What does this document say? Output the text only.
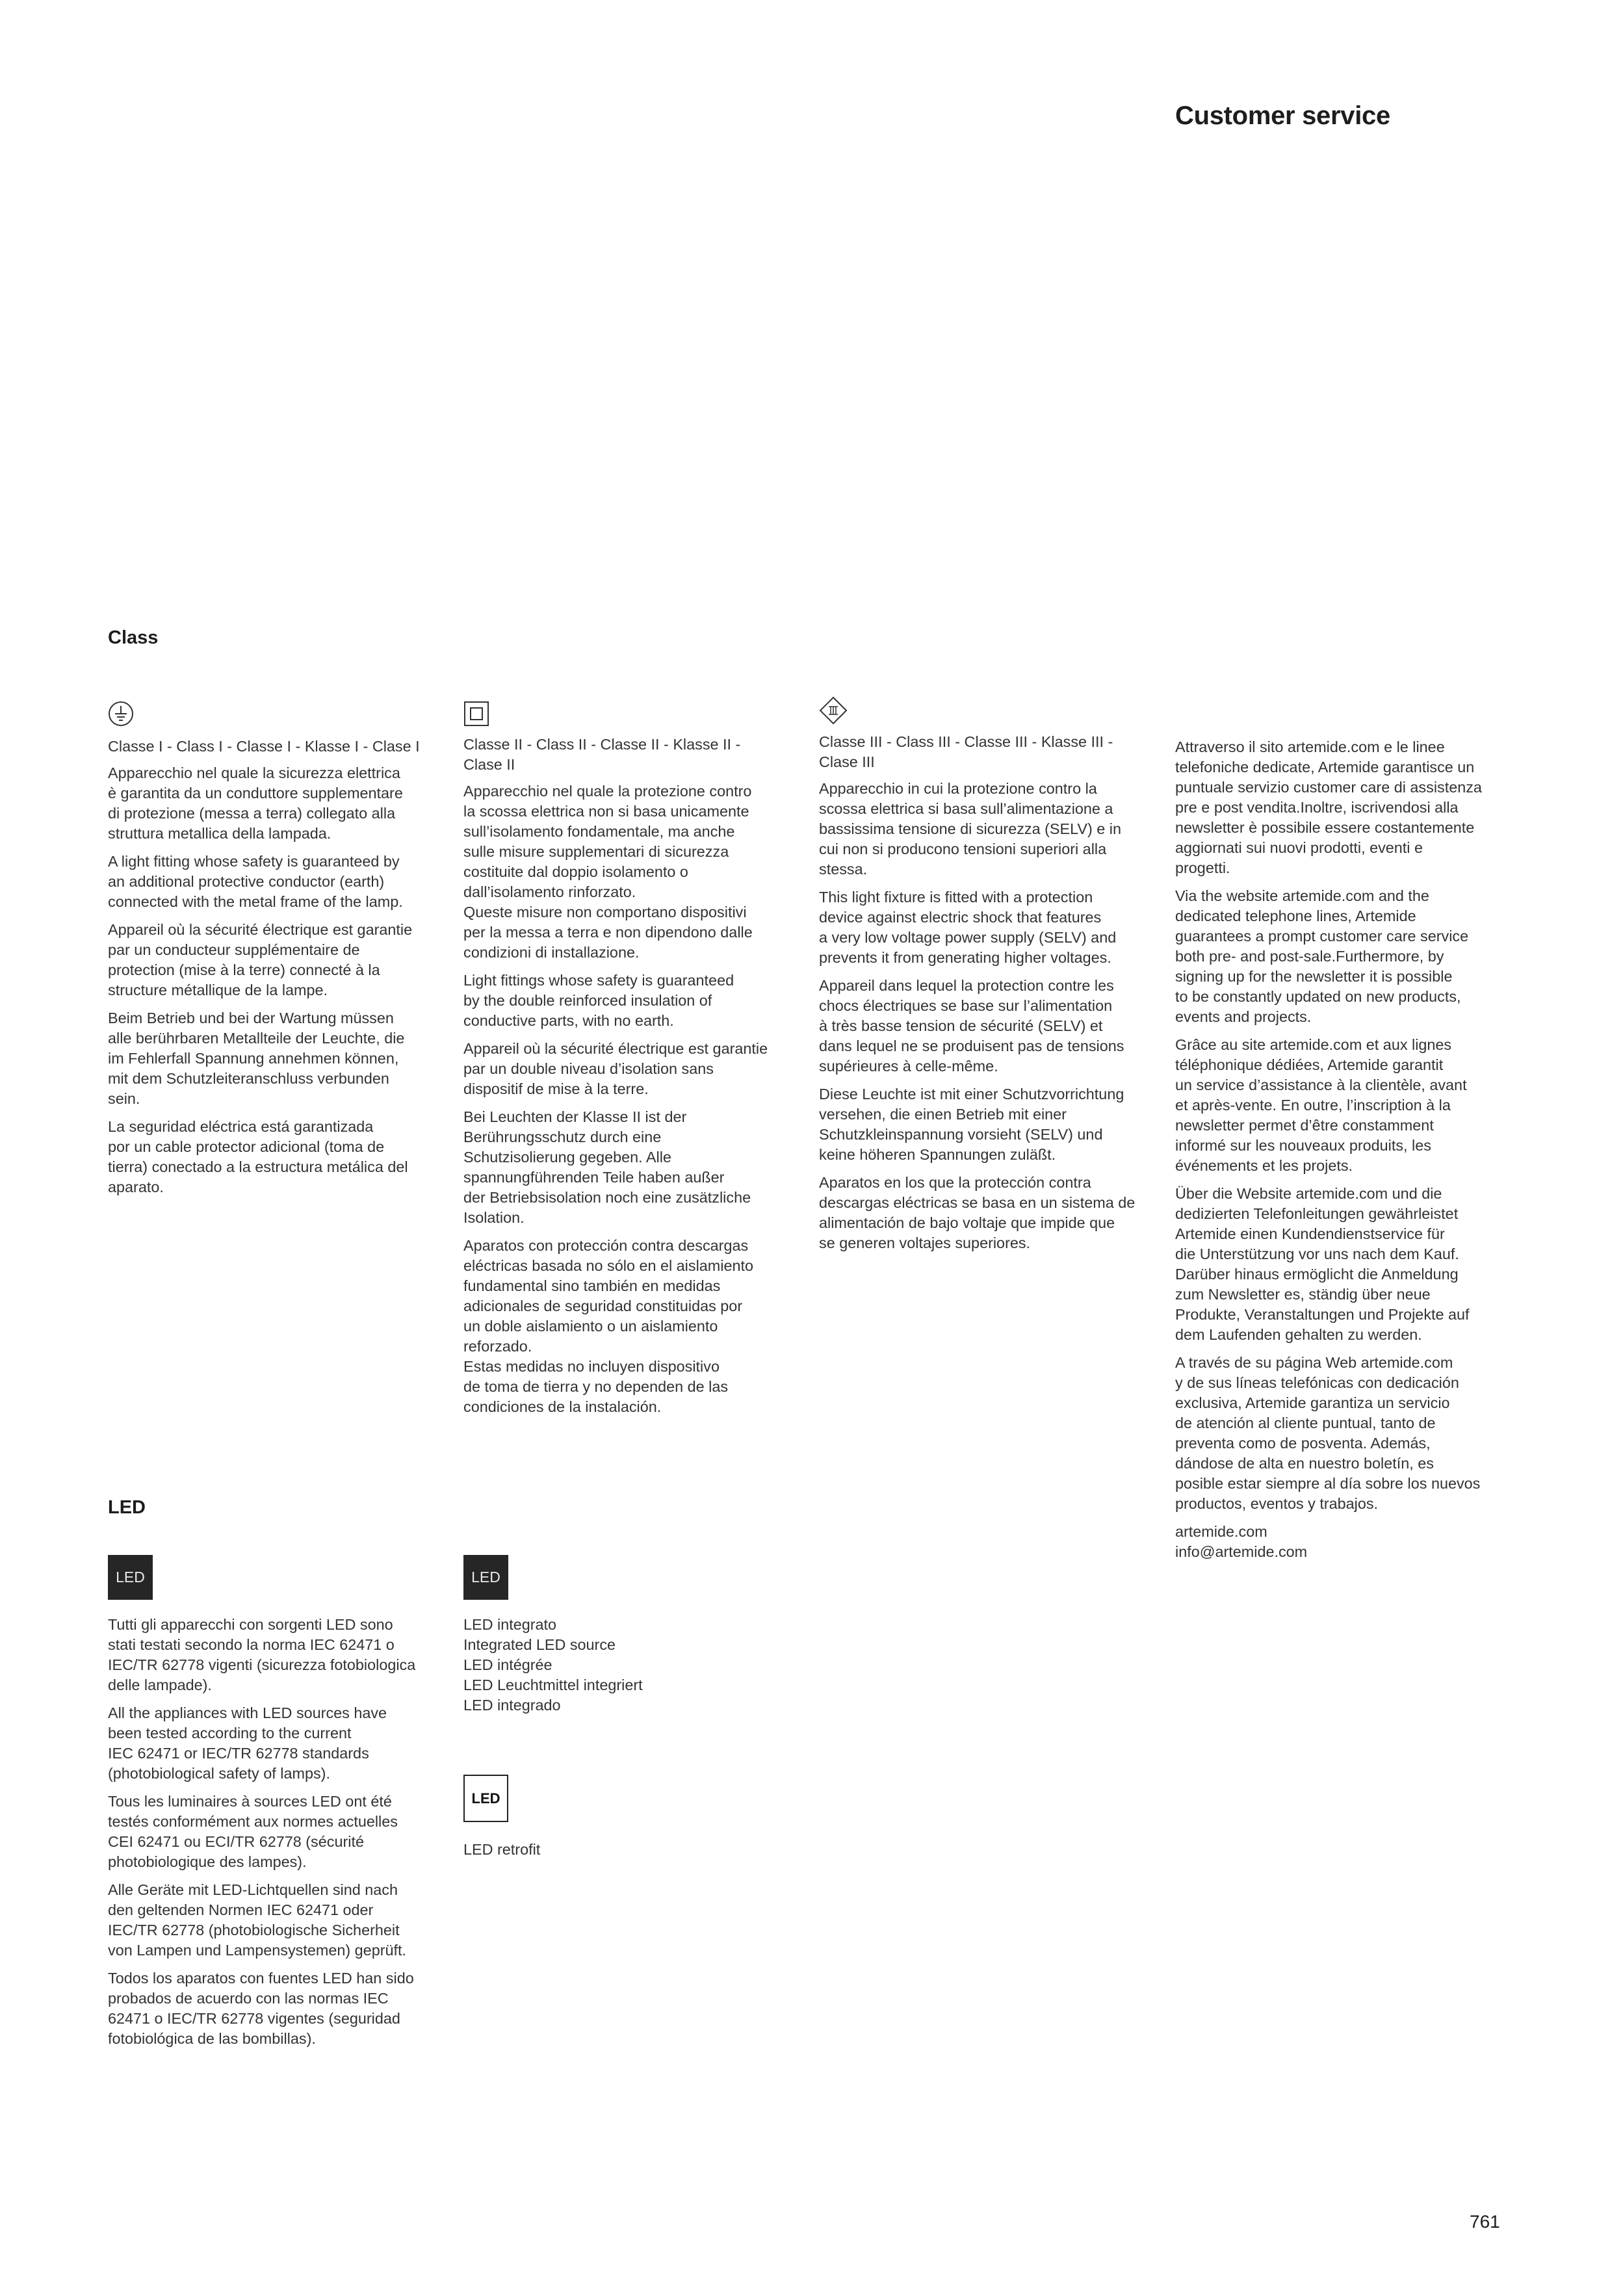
Customer service
Class

Classe I - Class I - Classe I - Klasse I - Clase I

Apparecchio nel quale la sicurezza elettrica
è garantita da un conduttore supplementare
di protezione (messa a terra) collegato alla
struttura metallica della lampada.

A light fitting whose safety is guaranteed by
an additional protective conductor (earth)
connected with the metal frame of the lamp.

Appareil où la sécurité électrique est garantie
par un conducteur supplémentaire de
protection (mise à la terre) connecté à la
structure métallique de la lampe.

Beim Betrieb und bei der Wartung müssen
alle berührbaren Metallteile der Leuchte, die
im Fehlerfall Spannung annehmen können,
mit dem Schutzleiteranschluss verbunden
sein.

La seguridad eléctrica está garantizada
por un cable protector adicional (toma de
tierra) conectado a la estructura metálica del
aparato.

Classe II - Class II - Classe II - Klasse II -
Clase II

Apparecchio nel quale la protezione contro
la scossa elettrica non si basa unicamente
sull’isolamento fondamentale, ma anche
sulle misure supplementari di sicurezza
costituite dal doppio isolamento o
dall’isolamento rinforzato.
Queste misure non comportano dispositivi
per la messa a terra e non dipendono dalle
condizioni di installazione.

Light fittings whose safety is guaranteed
by the double reinforced insulation of
conductive parts, with no earth.

Appareil où la sécurité électrique est garantie
par un double niveau d’isolation sans
dispositif de mise à la terre.

Bei Leuchten der Klasse II ist der
Berührungsschutz durch eine
Schutzisolierung gegeben. Alle
spannungführenden Teile haben außer
der Betriebsisolation noch eine zusätzliche
Isolation.

Aparatos con protección contra descargas
eléctricas basada no sólo en el aislamiento
fundamental sino también en medidas
adicionales de seguridad constituidas por
un doble aislamiento o un aislamiento
reforzado.
Estas medidas no incluyen dispositivo
de toma de tierra y no dependen de las
condiciones de la instalación.

Classe III - Class III - Classe III - Klasse III -
Clase III

Apparecchio in cui la protezione contro la
scossa elettrica si basa sull’alimentazione a
bassissima tensione di sicurezza (SELV) e in
cui non si producono tensioni superiori alla
stessa.

This light fixture is fitted with a protection
device against electric shock that features
a very low voltage power supply (SELV) and
prevents it from generating higher voltages.

Appareil dans lequel la protection contre les
chocs électriques se base sur l’alimentation
à très basse tension de sécurité (SELV) et
dans lequel ne se produisent pas de tensions
supérieures à celle-même.

Diese Leuchte ist mit einer Schutzvorrichtung
versehen, die einen Betrieb mit einer
Schutzkleinspannung vorsieht (SELV) und
keine höheren Spannungen zuläßt.

Aparatos en los que la protección contra
descargas eléctricas se basa en un sistema de
alimentación de bajo voltaje que impide que
se generen voltajes superiores.

Attraverso il sito artemide.com e le linee
telefoniche dedicate, Artemide garantisce un
puntuale servizio customer care di assistenza
pre e post vendita.Inoltre, iscrivendosi alla
newsletter è possibile essere costantemente
aggiornati sui nuovi prodotti, eventi e
progetti.

Via the website artemide.com and the
dedicated telephone lines, Artemide
guarantees a prompt customer care service
both pre- and post-sale.Furthermore, by
signing up for the newsletter it is possible
to be constantly updated on new products,
events and projects.

Grâce au site artemide.com et aux lignes
téléphonique dédiées, Artemide garantit
un service d’assistance à la clientèle, avant
et après-vente. En outre, l’inscription à la
newsletter permet d’être constamment
informé sur les nouveaux produits, les
événements et les projets.

Über die Website artemide.com und die
dedizierten Telefonleitungen gewährleistet
Artemide einen Kundendienstservice für
die Unterstützung vor uns nach dem Kauf.
Darüber hinaus ermöglicht die Anmeldung
zum Newsletter es, ständig über neue
Produkte, Veranstaltungen und Projekte auf
dem Laufenden gehalten zu werden.

A través de su página Web artemide.com
y de sus líneas telefónicas con dedicación
exclusiva, Artemide garantiza un servicio
de atención al cliente puntual, tanto de
preventa como de posventa. Además,
dándose de alta en nuestro boletín, es
posible estar siempre al día sobre los nuevos
productos, eventos y trabajos.

artemide.com

info@artemide.com

LED
LED

Tutti gli apparecchi con sorgenti LED sono
stati testati secondo la norma IEC 62471 o
IEC/TR 62778 vigenti (sicurezza fotobiologica
delle lampade).

All the appliances with LED sources have
been tested according to the current
IEC 62471 or IEC/TR 62778 standards
(photobiological safety of lamps).

Tous les luminaires à sources LED ont été
testés conformément aux normes actuelles
CEI 62471 ou ECI/TR 62778 (sécurité
photobiologique des lampes).

Alle Geräte mit LED-Lichtquellen sind nach
den geltenden Normen IEC 62471 oder
IEC/TR 62778 (photobiologische Sicherheit
von Lampen und Lampensystemen) geprüft.

Todos los aparatos con fuentes LED han sido
probados de acuerdo con las normas IEC
62471 o IEC/TR 62778 vigentes (seguridad
fotobiológica de las bombillas).

LED

LED integrato

Integrated LED source

LED intégrée

LED Leuchtmittel integriert

LED integrado

LED

LED retrofit

761
